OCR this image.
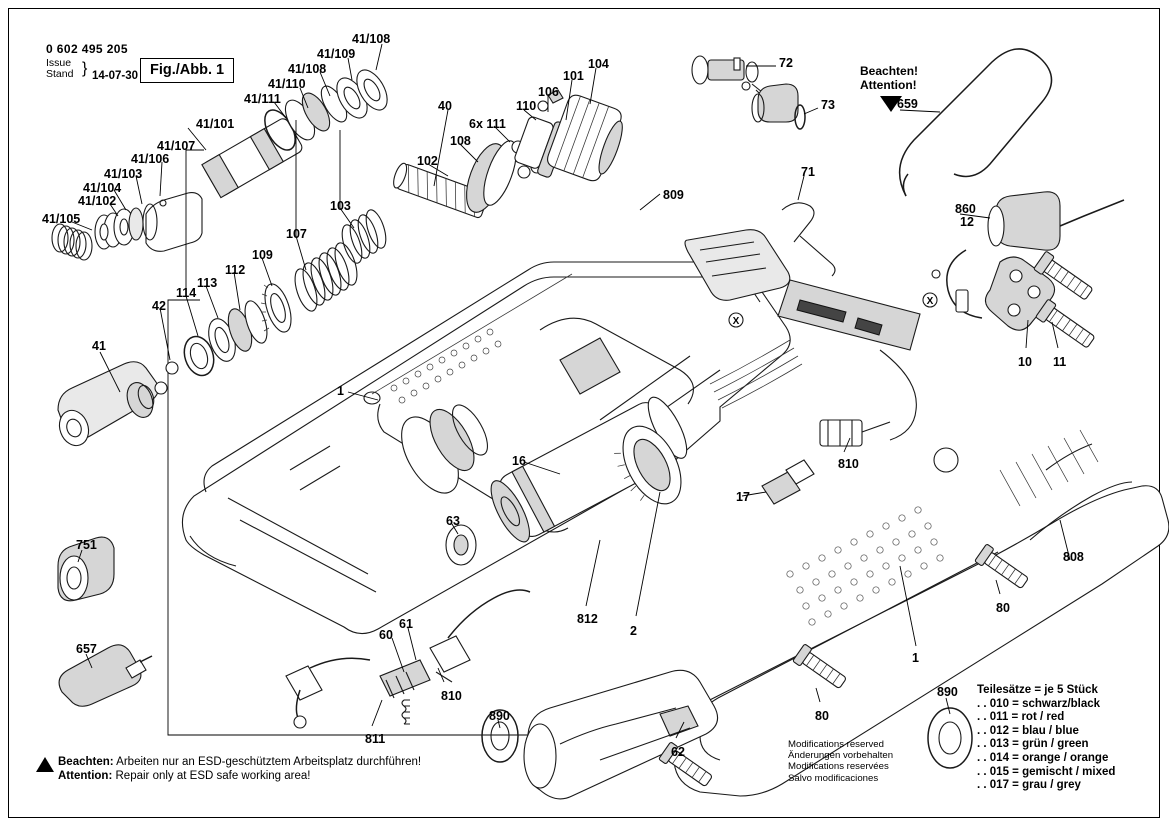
X
X
0 602 495 205
Issue
Stand } 14-07-30 Fig./Abb. 1	Beachten!
Attention!
Beachten: Arbeiten nur an ESD-geschütztem Arbeitsplatz durchführen!
Attention: Repair only at ESD safe working area!
Modifications reserved
Änderungen vorbehalten
Modifications reservées
Salvo modificaciones
Teilesätze = je 5 Stück
. . 010 = schwarz/black
. . 011 = rot / red
. . 012 = blau / blue
. . 013 = grün / green
. . 014 = orange / orange
. . 015 = gemischt / mixed
. . 017 = grau / grey
41/108
41/109
41/108
41/110
41/111
41/101
41/107
41/106
41/103
41/104
41/102
41/105
41
42
114
113
112
109
107
103
102
108
40
6x 111
110
106
101
104
809
71
72
73	659
860
12
10 11
1
16
17
810
63
812
2
751
657
60
61
810
811
890
62
80
80
1
808
890
